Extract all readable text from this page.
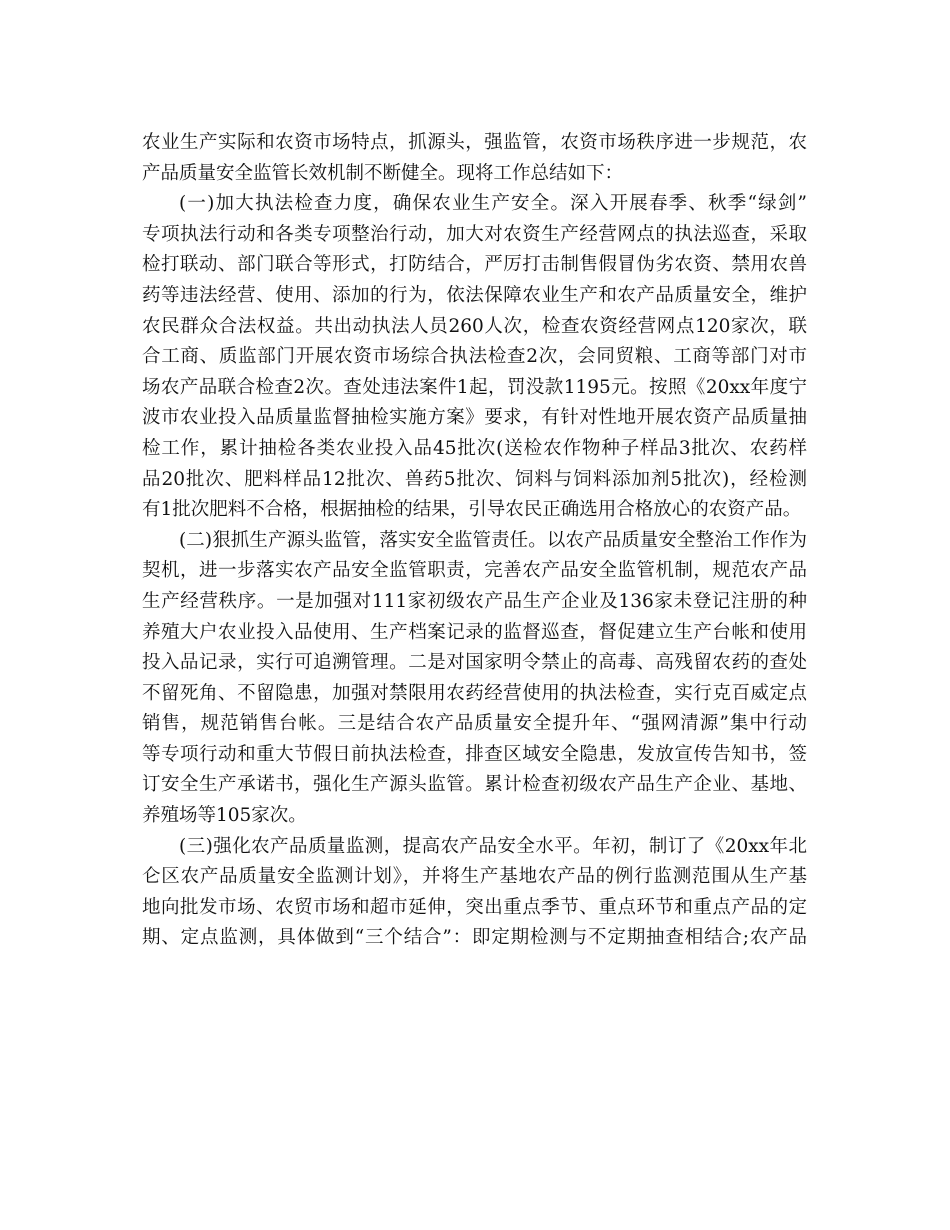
农业生产实际和农资市场特点，抓源头，强监管，农资市场秩序进一步规范，农
产品质量安全监管长效机制不断健全。现将工作总结如下：
(一)加大执法检查力度，确保农业生产安全。深入开展春季、秋季“绿剑”
专项执法行动和各类专项整治行动，加大对农资生产经营网点的执法巡查，采取
检打联动、部门联合等形式，打防结合，严厉打击制售假冒伪劣农资、禁用农兽
药等违法经营、使用、添加的行为，依法保障农业生产和农产品质量安全，维护
农民群众合法权益。共出动执法人员260人次，检查农资经营网点120家次，联
合工商、质监部门开展农资市场综合执法检查2次，会同贸粮、工商等部门对市
场农产品联合检查2次。查处违法案件1起，罚没款1195元。按照《20xx年度宁
波市农业投入品质量监督抽检实施方案》要求，有针对性地开展农资产品质量抽
检工作，累计抽检各类农业投入品45批次(送检农作物种子样品3批次、农药样
品20批次、肥料样品12批次、兽药5批次、饲料与饲料添加剂5批次)，经检测
有1批次肥料不合格，根据抽检的结果，引导农民正确选用合格放心的农资产品。
(二)狠抓生产源头监管，落实安全监管责任。以农产品质量安全整治工作作为
契机，进一步落实农产品安全监管职责，完善农产品安全监管机制，规范农产品
生产经营秩序。一是加强对111家初级农产品生产企业及136家未登记注册的种
养殖大户农业投入品使用、生产档案记录的监督巡查，督促建立生产台帐和使用
投入品记录，实行可追溯管理。二是对国家明令禁止的高毒、高残留农药的查处
不留死角、不留隐患，加强对禁限用农药经营使用的执法检查，实行克百威定点
销售，规范销售台帐。三是结合农产品质量安全提升年、“强网清源”集中行动
等专项行动和重大节假日前执法检查，排查区域安全隐患，发放宣传告知书，签
订安全生产承诺书，强化生产源头监管。累计检查初级农产品生产企业、基地、
养殖场等105家次。
(三)强化农产品质量监测，提高农产品安全水平。年初，制订了《20xx年北
仑区农产品质量安全监测计划》，并将生产基地农产品的例行监测范围从生产基
地向批发市场、农贸市场和超市延伸，突出重点季节、重点环节和重点产品的定
期、定点监测，具体做到“三个结合”：即定期检测与不定期抽查相结合;农产品
